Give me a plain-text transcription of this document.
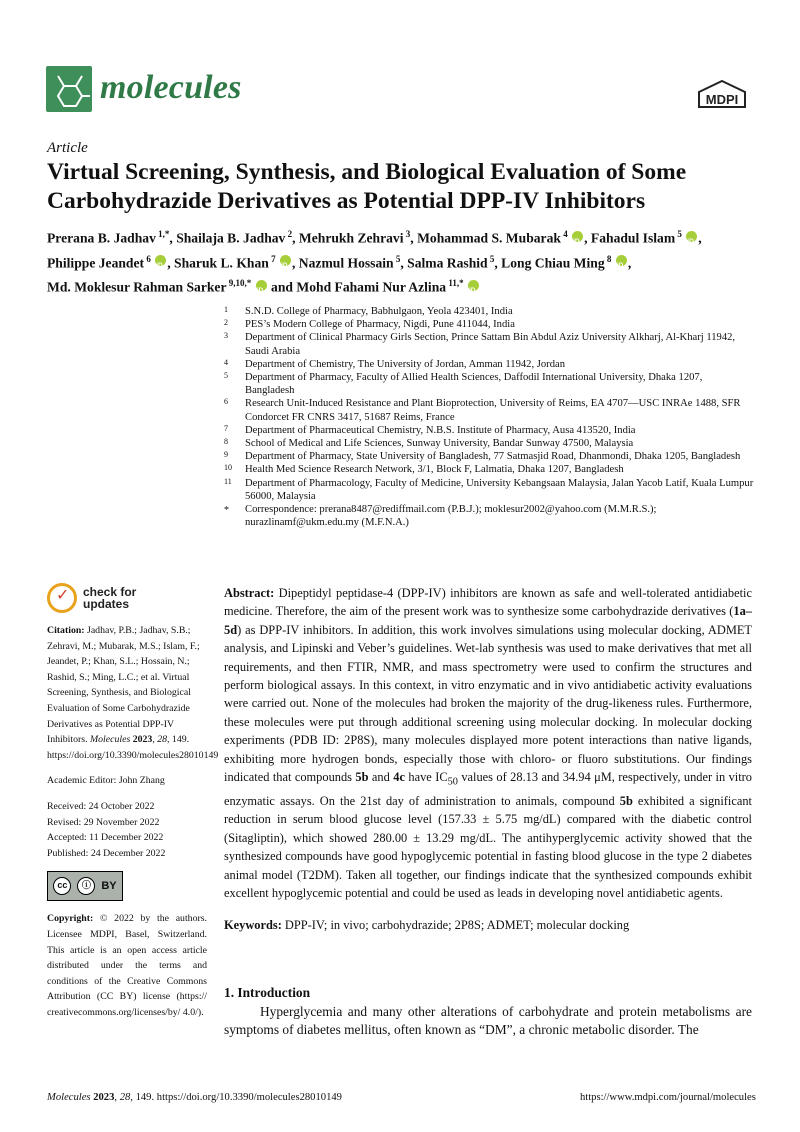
molecules	MDPI
Article
Virtual Screening, Synthesis, and Biological Evaluation of Some Carbohydrazide Derivatives as Potential DPP-IV Inhibitors
Prerana B. Jadhav $^{1,*}$, Shailaja B. Jadhav $^2$, Mehrukh Zehravi $^3$, Mohammad S. Mubarak $^4$ iD , Fahadul Islam $^5$ iD ,
Philippe Jeandet $^6$ iD , Sharuk L. Khan $^7$ iD , Nazmul Hossain $^5$, Salma Rashid $^5$, Long Chiau Ming $^8$ iD ,
Md. Moklesur Rahman Sarker $^{9,10,*}$ iD and Mohd Fahami Nur Azlina $^{11,*}$ iD
1 S.N.D. College of Pharmacy, Babhulgaon, Yeola 423401, India
2 PES’s Modern College of Pharmacy, Nigdi, Pune 411044, India
3 Department of Clinical Pharmacy Girls Section, Prince Sattam Bin Abdul Aziz University Alkharj, Al-Kharj 11942, Saudi Arabia
4 Department of Chemistry, The University of Jordan, Amman 11942, Jordan
5 Department of Pharmacy, Faculty of Allied Health Sciences, Daffodil International University, Dhaka 1207, Bangladesh
6 Research Unit-Induced Resistance and Plant Bioprotection, University of Reims, EA 4707—USC INRAe 1488, SFR Condorcet FR CNRS 3417, 51687 Reims, France
7 Department of Pharmaceutical Chemistry, N.B.S. Institute of Pharmacy, Ausa 413520, India
8 School of Medical and Life Sciences, Sunway University, Bandar Sunway 47500, Malaysia
9 Department of Pharmacy, State University of Bangladesh, 77 Satmasjid Road, Dhanmondi, Dhaka 1205, Bangladesh
10 Health Med Science Research Network, 3/1, Block F, Lalmatia, Dhaka 1207, Bangladesh
11 Department of Pharmacology, Faculty of Medicine, University Kebangsaan Malaysia, Jalan Yacob Latif, Kuala Lumpur 56000, Malaysia
* Correspondence: prerana8487@rediffmail.com (P.B.J.); moklesur2002@yahoo.com (M.M.R.S.); nurazlinamf@ukm.edu.my (M.F.N.A.)
✓
check for
updates
Citation: Jadhav, P.B.; Jadhav, S.B.; Zehravi, M.; Mubarak, M.S.; Islam, F.; Jeandet, P.; Khan, S.L.; Hossain, N.; Rashid, S.; Ming, L.C.; et al. Virtual Screening, Synthesis, and Biological Evaluation of Some Carbohydrazide Derivatives as Potential DPP-IV Inhibitors. Molecules 2023, 28, 149. https://doi.org/10.3390/molecules28010149
Academic Editor: John Zhang
Received: 24 October 2022
Revised: 29 November 2022
Accepted: 11 December 2022
Published: 24 December 2022
cc	ⓘ BY
Copyright: © 2022 by the authors. Licensee MDPI, Basel, Switzerland. This article is an open access article distributed under the terms and conditions of the Creative Commons Attribution (CC BY) license (https:// creativecommons.org/licenses/by/ 4.0/).
Abstract: Dipeptidyl peptidase-4 (DPP-IV) inhibitors are known as safe and well-tolerated antidiabetic medicine. Therefore, the aim of the present work was to synthesize some carbohydrazide derivatives (1a–5d) as DPP-IV inhibitors. In addition, this work involves simulations using molecular docking, ADMET analysis, and Lipinski and Veber’s guidelines. Wet-lab synthesis was used to make derivatives that met all requirements, and then FTIR, NMR, and mass spectrometry were used to confirm the structures and perform biological assays. In this context, in vitro enzymatic and in vivo antidiabetic activity evaluations were carried out. None of the molecules had broken the majority of the drug-likeness rules. Furthermore, these molecules were put through additional screening using molecular docking. In molecular docking experiments (PDB ID: 2P8S), many molecules displayed more potent interactions than native ligands, exhibiting more hydrogen bonds, especially those with chloro- or fluoro substitutions. Our findings indicated that compounds 5b and 4c have $IC_{50}$ values of 28.13 and 34.94 μM, respectively, under in vitro enzymatic assays. On the 21st day of administration to animals, compound 5b exhibited a significant reduction in serum blood glucose level (157.33 ± 5.75 mg/dL) compared with the diabetic control (Sitagliptin), which showed 280.00 ± 13.29 mg/dL. The antihyperglycemic activity showed that the synthesized compounds have good hypoglycemic potential in fasting blood glucose in the type 2 diabetes animal model (T2DM). Taken all together, our findings indicate that the synthesized compounds exhibit excellent hypoglycemic potential and could be used as leads in developing novel antidiabetic agents.
Keywords: DPP-IV; in vivo; carbohydrazide; 2P8S; ADMET; molecular docking
1. Introduction
Hyperglycemia and many other alterations of carbohydrate and protein metabolisms are symptoms of diabetes mellitus, often known as “DM”, a chronic metabolic disorder. The
Molecules 2023, 28, 149. https://doi.org/10.3390/molecules28010149	https://www.mdpi.com/journal/molecules
